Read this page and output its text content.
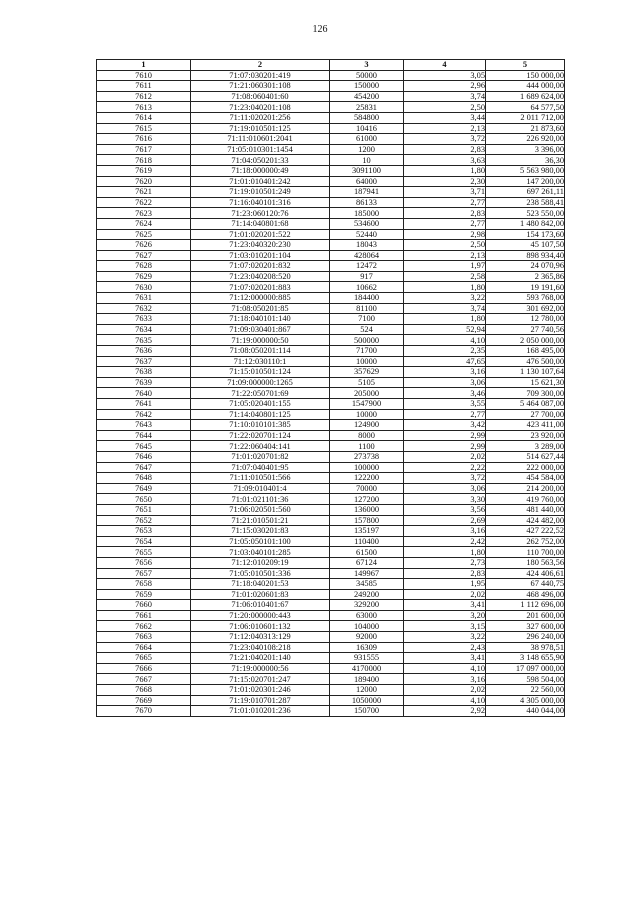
126
1	2	3	4	5
7610	71:07:030201:419	50000	3,05	150 000,00
7611	71:21:060301:108	150000	2,96	444 000,00
7612	71:08:060401:60	454200	3,74	1 689 624,00
7613	71:23:040201:108	25831	2,50	64 577,50
7614	71:11:020201:256	584800	3,44	2 011 712,00
7615	71:19:010501:125	10416	2,13	21 873,60
7616	71:11:010601:2041	61000	3,72	226 920,00
7617	71:05:010301:1454	1200	2,83	3 396,00
7618	71:04:050201:33	10	3,63	36,30
7619	71:18:000000:49	3091100	1,80	5 563 980,00
7620	71:01:010401:242	64000	2,30	147 200,00
7621	71:19:010501:249	187941	3,71	697 261,11
7622	71:16:040101:316	86133	2,77	238 588,41
7623	71:23:060120:76	185000	2,83	523 550,00
7624	71:14:040801:68	534600	2,77	1 480 842,00
7625	71:01:020201:522	52440	2,98	154 173,60
7626	71:23:040320:230	18043	2,50	45 107,50
7627	71:03:010201:104	428064	2,13	898 934,40
7628	71:07:020201:832	12472	1,97	24 070,96
7629	71:23:040208:520	917	2,58	2 365,86
7630	71:07:020201:883	10662	1,80	19 191,60
7631	71:12:000000:885	184400	3,22	593 768,00
7632	71:08:050201:85	81100	3,74	301 692,00
7633	71:18:040101:140	7100	1,80	12 780,00
7634	71:09:030401:867	524	52,94	27 740,56
7635	71:19:000000:50	500000	4,10	2 050 000,00
7636	71:08:050201:114	71700	2,35	168 495,00
7637	71:12:030110:1	10000	47,65	476 500,00
7638	71:15:010501:124	357629	3,16	1 130 107,64
7639	71:09:000000:1265	5105	3,06	15 621,30
7640	71:22:050701:69	205000	3,46	709 300,00
7641	71:05:020401:155	1547900	3,55	5 464 087,00
7642	71:14:040801:125	10000	2,77	27 700,00
7643	71:10:010101:385	124900	3,42	423 411,00
7644	71:22:020701:124	8000	2,99	23 920,00
7645	71:22:060404:141	1100	2,99	3 289,00
7646	71:01:020701:82	273738	2,02	514 627,44
7647	71:07:040401:95	100000	2,22	222 000,00
7648	71:11:010501:566	122200	3,72	454 584,00
7649	71:09:010401:4	70000	3,06	214 200,00
7650	71:01:021101:36	127200	3,30	419 760,00
7651	71:06:020501:560	136000	3,56	481 440,00
7652	71:21:010501:21	157800	2,69	424 482,00
7653	71:15:030201:83	135197	3,16	427 222,52
7654	71:05:050101:100	110400	2,42	262 752,00
7655	71:03:040101:285	61500	1,80	110 700,00
7656	71:12:010209:19	67124	2,73	180 563,56
7657	71:05:010501:336	149967	2,83	424 406,61
7658	71:18:040201:53	34585	1,95	67 440,75
7659	71:01:020601:83	249200	2,02	468 496,00
7660	71:06:010401:67	329200	3,41	1 112 696,00
7661	71:20:000000:443	63000	3,20	201 600,00
7662	71:06:010601:132	104000	3,15	327 600,00
7663	71:12:040313:129	92000	3,22	296 240,00
7664	71:23:040108:218	16309	2,43	38 978,51
7665	71:21:040201:140	931555	3,41	3 148 655,90
7666	71:19:000000:56	4170000	4,10	17 097 000,00
7667	71:15:020701:247	189400	3,16	598 504,00
7668	71:01:020301:246	12000	2,02	22 560,00
7669	71:19:010701:287	1050000	4,10	4 305 000,00
7670	71:01:010201:236	150700	2,92	440 044,00
